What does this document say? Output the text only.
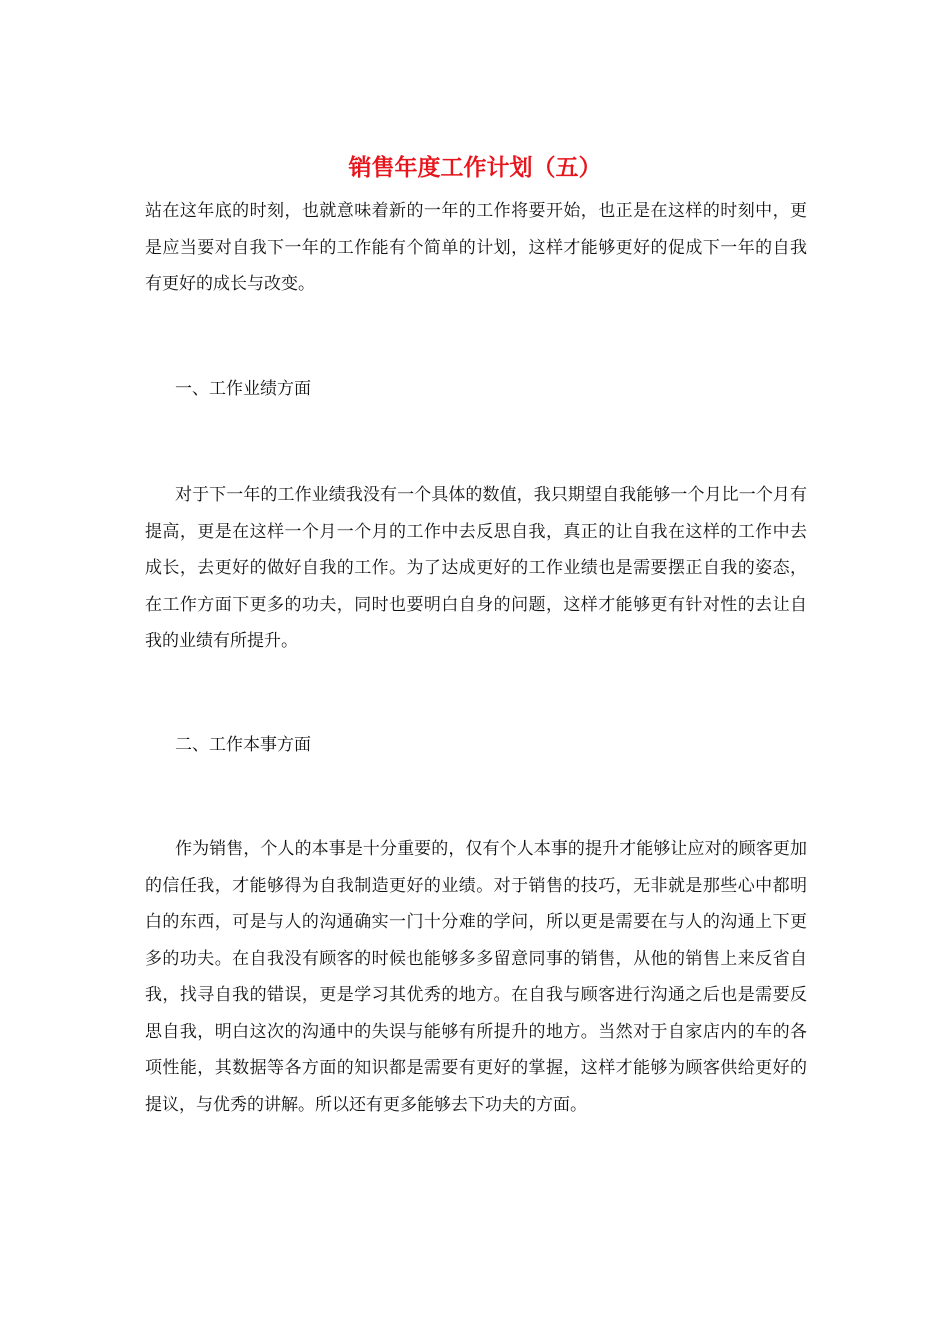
销售年度工作计划（五）

站在这年底的时刻，也就意味着新的一年的工作将要开始，也正是在这样的时刻中，更是应当要对自我下一年的工作能有个简单的计划，这样才能够更好的促成下一年的自我有更好的成长与改变。

一、工作业绩方面

对于下一年的工作业绩我没有一个具体的数值，我只期望自我能够一个月比一个月有提高，更是在这样一个月一个月的工作中去反思自我，真正的让自我在这样的工作中去成长，去更好的做好自我的工作。为了达成更好的工作业绩也是需要摆正自我的姿态，在工作方面下更多的功夫，同时也要明白自身的问题，这样才能够更有针对性的去让自我的业绩有所提升。

二、工作本事方面

作为销售，个人的本事是十分重要的，仅有个人本事的提升才能够让应对的顾客更加的信任我，才能够得为自我制造更好的业绩。对于销售的技巧，无非就是那些心中都明白的东西，可是与人的沟通确实一门十分难的学问，所以更是需要在与人的沟通上下更多的功夫。在自我没有顾客的时候也能够多多留意同事的销售，从他的销售上来反省自我，找寻自我的错误，更是学习其优秀的地方。在自我与顾客进行沟通之后也是需要反思自我，明白这次的沟通中的失误与能够有所提升的地方。当然对于自家店内的车的各项性能，其数据等各方面的知识都是需要有更好的掌握，这样才能够为顾客供给更好的提议，与优秀的讲解。所以还有更多能够去下功夫的方面。
